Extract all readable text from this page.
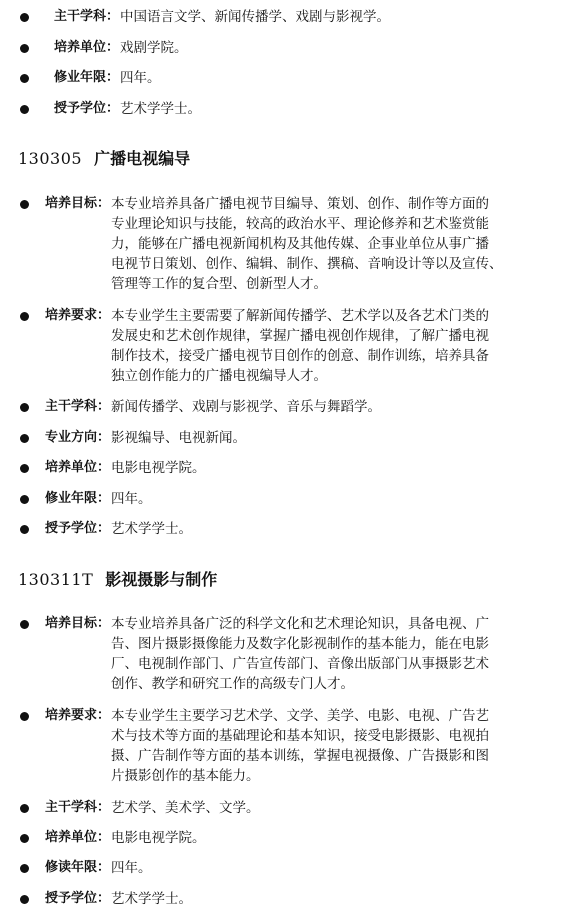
主干学科： 中国语言文学、新闻传播学、戏剧与影视学。
培养单位： 戏剧学院。
修业年限： 四年。
授予学位： 艺术学学士。
130305 广播电视编导
培养目标： 本专业培养具备广播电视节目编导、策划、创作、制作等方面的
专业理论知识与技能，较高的政治水平、理论修养和艺术鉴赏能
力，能够在广播电视新闻机构及其他传媒、企事业单位从事广播
电视节日策划、创作、编辑、制作、撰稿、音响设计等以及宣传、
管理等工作的复合型、创新型人才。
培养要求： 本专业学生主要需要了解新闻传播学、艺术学以及各艺术门类的
发展史和艺术创作规律，掌握广播电视创作规律，了解广播电视
制作技术，接受广播电视节目创作的创意、制作训练，培养具备
独立创作能力的广播电视编导人才。
主干学科： 新闻传播学、戏剧与影视学、音乐与舞蹈学。
专业方向： 影视编导、电视新闻。
培养单位： 电影电视学院。
修业年限： 四年。
授予学位： 艺术学学士。
130311T 影视摄影与制作
培养目标： 本专业培养具备广泛的科学文化和艺术理论知识，具备电视、广
告、图片摄影摄像能力及数字化影视制作的基本能力，能在电影
厂、电视制作部门、广告宣传部门、音像出版部门从事摄影艺术
创作、教学和研究工作的高级专门人才。
培养要求： 本专业学生主要学习艺术学、文学、美学、电影、电视、广告艺
术与技术等方面的基础理论和基本知识，接受电影摄影、电视拍
摄、广告制作等方面的基本训练，掌握电视摄像、广告摄影和图
片摄影创作的基本能力。
主干学科： 艺术学、美术学、文学。
培养单位： 电影电视学院。
修读年限： 四年。
授予学位： 艺术学学士。
